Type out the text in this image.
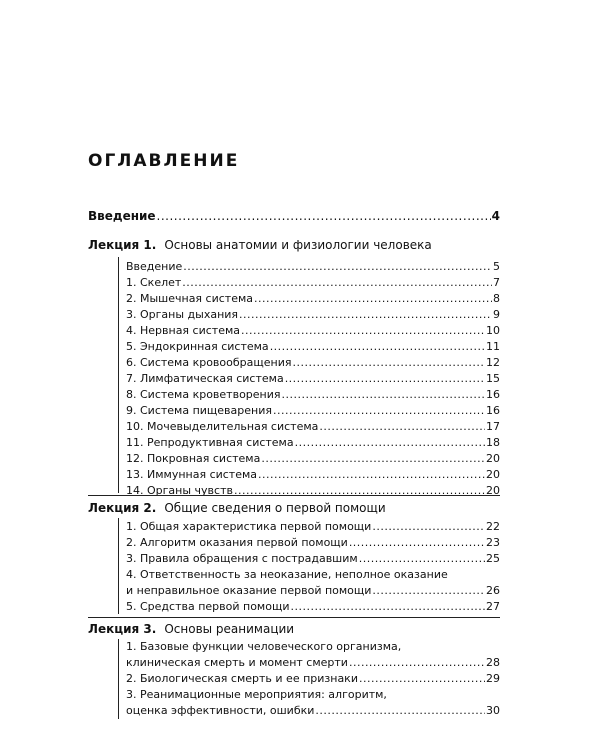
ОГЛАВЛЕНИЕ
Введение .....	4
Лекция 1. Основы анатомии и физиологии человека
Введение .....	5
1. Скелет .....	7
2. Мышечная система .....	8
3. Органы дыхания .....	9
4. Нервная система .....	10
5. Эндокринная система .....	11
6. Система кровообращения .....	12
7. Лимфатическая система .....	15
8. Система кроветворения .....	16
9. Система пищеварения .....	16
10. Мочевыделительная система .....	17
11. Репродуктивная система .....	18
12. Покровная система .....	20
13. Иммунная система .....	20
14. Органы чувств .....	20
Лекция 2. Общие сведения о первой помощи
1. Общая характеристика первой помощи .....	22
2. Алгоритм оказания первой помощи .....	23
3. Правила обращения с пострадавшим .....	25
4. Ответственность за неоказание, неполное оказание
и неправильное оказание первой помощи .....	26
5. Средства первой помощи .....	27
Лекция 3. Основы реанимации
1. Базовые функции человеческого организма,
клиническая смерть и момент смерти .....	28
2. Биологическая смерть и ее признаки .....	29
3. Реанимационные мероприятия: алгоритм,
оценка эффективности, ошибки .....	30
